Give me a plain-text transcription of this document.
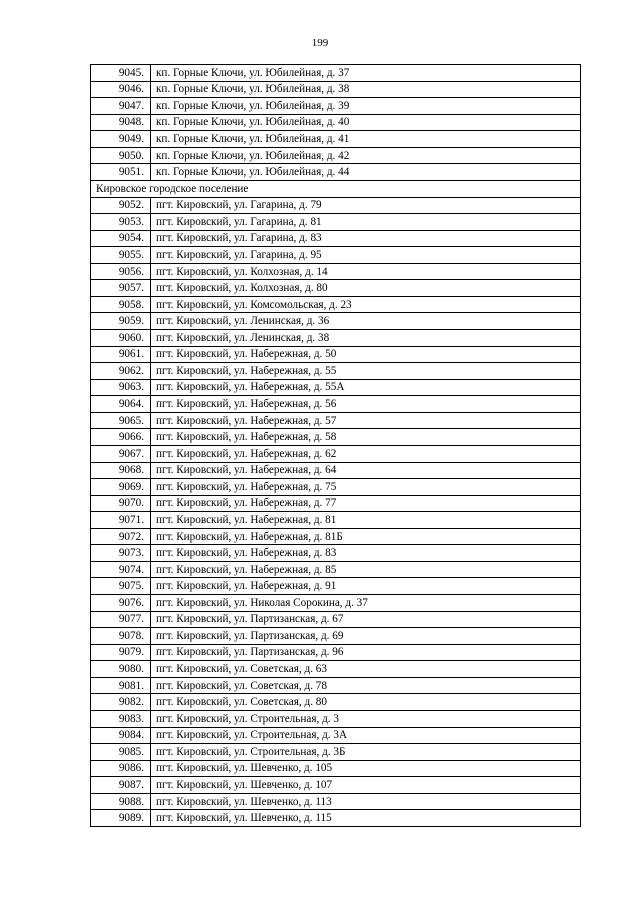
199
9045.	кп. Горные Ключи, ул. Юбилейная, д. 37
9046.	кп. Горные Ключи, ул. Юбилейная, д. 38
9047.	кп. Горные Ключи, ул. Юбилейная, д. 39
9048.	кп. Горные Ключи, ул. Юбилейная, д. 40
9049.	кп. Горные Ключи, ул. Юбилейная, д. 41
9050.	кп. Горные Ключи, ул. Юбилейная, д. 42
9051.	кп. Горные Ключи, ул. Юбилейная, д. 44
Кировское городское поселение	
9052.	пгт. Кировский, ул. Гагарина, д. 79
9053.	пгт. Кировский, ул. Гагарина, д. 81
9054.	пгт. Кировский, ул. Гагарина, д. 83
9055.	пгт. Кировский, ул. Гагарина, д. 95
9056.	пгт. Кировский, ул. Колхозная, д. 14
9057.	пгт. Кировский, ул. Колхозная, д. 80
9058.	пгт. Кировский, ул. Комсомольская, д. 23
9059.	пгт. Кировский, ул. Ленинская, д. 36
9060.	пгт. Кировский, ул. Ленинская, д. 38
9061.	пгт. Кировский, ул. Набережная, д. 50
9062.	пгт. Кировский, ул. Набережная, д. 55
9063.	пгт. Кировский, ул. Набережная, д. 55А
9064.	пгт. Кировский, ул. Набережная, д. 56
9065.	пгт. Кировский, ул. Набережная, д. 57
9066.	пгт. Кировский, ул. Набережная, д. 58
9067.	пгт. Кировский, ул. Набережная, д. 62
9068.	пгт. Кировский, ул. Набережная, д. 64
9069.	пгт. Кировский, ул. Набережная, д. 75
9070.	пгт. Кировский, ул. Набережная, д. 77
9071.	пгт. Кировский, ул. Набережная, д. 81
9072.	пгт. Кировский, ул. Набережная, д. 81Б
9073.	пгт. Кировский, ул. Набережная, д. 83
9074.	пгт. Кировский, ул. Набережная, д. 85
9075.	пгт. Кировский, ул. Набережная, д. 91
9076.	пгт. Кировский, ул. Николая Сорокина, д. 37
9077.	пгт. Кировский, ул. Партизанская, д. 67
9078.	пгт. Кировский, ул. Партизанская, д. 69
9079.	пгт. Кировский, ул. Партизанская, д. 96
9080.	пгт. Кировский, ул. Советская, д. 63
9081.	пгт. Кировский, ул. Советская, д. 78
9082.	пгт. Кировский, ул. Советская, д. 80
9083.	пгт. Кировский, ул. Строительная, д. 3
9084.	пгт. Кировский, ул. Строительная, д. 3А
9085.	пгт. Кировский, ул. Строительная, д. 3Б
9086.	пгт. Кировский, ул. Шевченко, д. 105
9087.	пгт. Кировский, ул. Шевченко, д. 107
9088.	пгт. Кировский, ул. Шевченко, д. 113
9089.	пгт. Кировский, ул. Шевченко, д. 115
